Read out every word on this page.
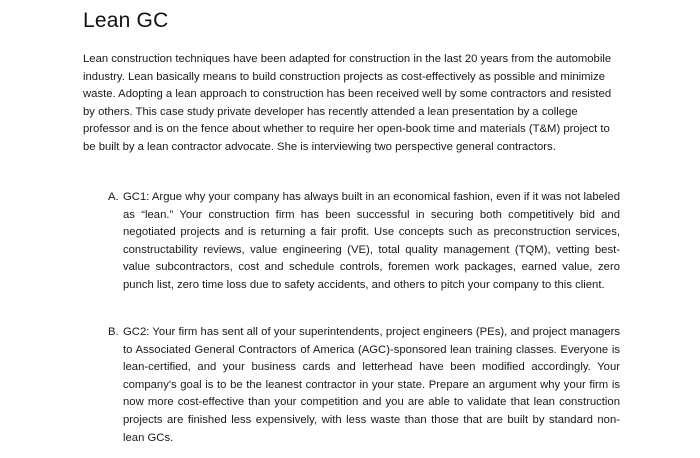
Lean GC

Lean construction techniques have been adapted for construction in the last 20 years from the automobile industry. Lean basically means to build construction projects as cost-effectively as possible and minimize waste. Adopting a lean approach to construction has been received well by some contractors and resisted by others. This case study private developer has recently attended a lean presentation by a college professor and is on the fence about whether to require her open-book time and materials (T&M) project to be built by a lean contractor advocate. She is interviewing two perspective general contractors.

A. GC1: Argue why your company has always built in an economical fashion, even if it was not labeled as “lean.” Your construction firm has been successful in securing both competitively bid and negotiated projects and is returning a fair profit. Use concepts such as preconstruction services, constructability reviews, value engineering (VE), total quality management (TQM), vetting best-value subcontractors, cost and schedule controls, foremen work packages, earned value, zero punch list, zero time loss due to safety accidents, and others to pitch your company to this client.
B. GC2: Your firm has sent all of your superintendents, project engineers (PEs), and project managers to Associated General Contractors of America (AGC)-sponsored lean training classes. Everyone is lean-certified, and your business cards and letterhead have been modified accordingly. Your company's goal is to be the leanest contractor in your state. Prepare an argument why your firm is now more cost-effective than your competition and you are able to validate that lean construction projects are finished less expensively, with less waste than those that are built by standard non-lean GCs.
